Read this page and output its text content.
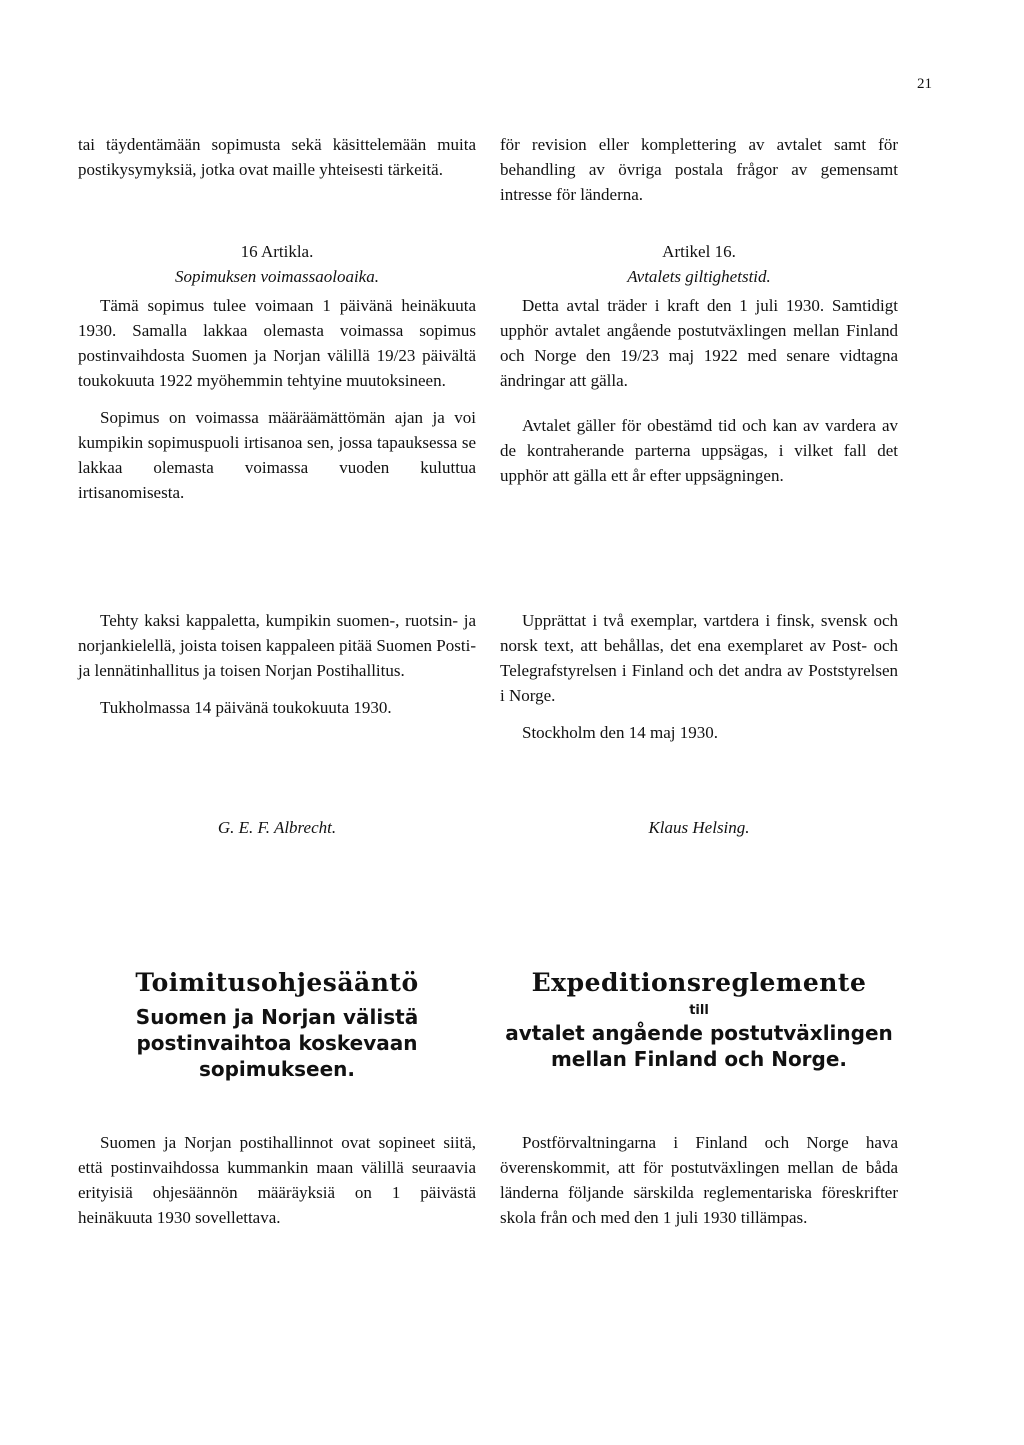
21

tai täydentämään sopimusta sekä käsittelemään muita postikysymyksiä, jotka ovat maille yhteisesti tärkeitä.

16 Artikla.

Sopimuksen voimassaoloaika.

Tämä sopimus tulee voimaan 1 päivänä heinäkuuta 1930. Samalla lakkaa olemasta voimassa sopimus postinvaihdosta Suomen ja Norjan välillä 19/23 päivältä toukokuuta 1922 myöhemmin tehtyine muutoksineen.

Sopimus on voimassa määräämättömän ajan ja voi kumpikin sopimuspuoli irtisanoa sen, jossa tapauksessa se lakkaa olemasta voimassa vuoden kuluttua irtisanomisesta.

Tehty kaksi kappaletta, kumpikin suomen-, ruotsin- ja norjankielellä, joista toisen kappaleen pitää Suomen Posti- ja lennätinhallitus ja toisen Norjan Postihallitus.

Tukholmassa 14 päivänä toukokuuta 1930.

G. E. F. Albrecht.
Toimitusohjesääntö
Suomen ja Norjan välistä postinvaihtoa koskevaan sopimukseen.

Suomen ja Norjan postihallinnot ovat sopineet siitä, että postinvaihdossa kummankin maan välillä seuraavia erityisiä ohjesäännön määräyksiä on 1 päivästä heinäkuuta 1930 sovellettava.

för revision eller komplettering av avtalet samt för behandling av övriga postala frågor av gemensamt intresse för länderna.

Artikel 16.

Avtalets giltighetstid.

Detta avtal träder i kraft den 1 juli 1930. Samtidigt upphör avtalet angående postutväxlingen mellan Finland och Norge den 19/23 maj 1922 med senare vidtagna ändringar att gälla.

Avtalet gäller för obestämd tid och kan av vardera av de kontraherande parterna uppsägas, i vilket fall det upphör att gälla ett år efter uppsägningen.

Upprättat i två exemplar, vartdera i finsk, svensk och norsk text, att behållas, det ena exemplaret av Post- och Telegrafstyrelsen i Finland och det andra av Poststyrelsen i Norge.

Stockholm den 14 maj 1930.

Klaus Helsing.
Expeditionsreglemente
till
avtalet angående postutväxlingen mellan Finland och Norge.

Postförvaltningarna i Finland och Norge hava överenskommit, att för postutväxlingen mellan de båda länderna följande särskilda reglementariska föreskrifter skola från och med den 1 juli 1930 tillämpas.
